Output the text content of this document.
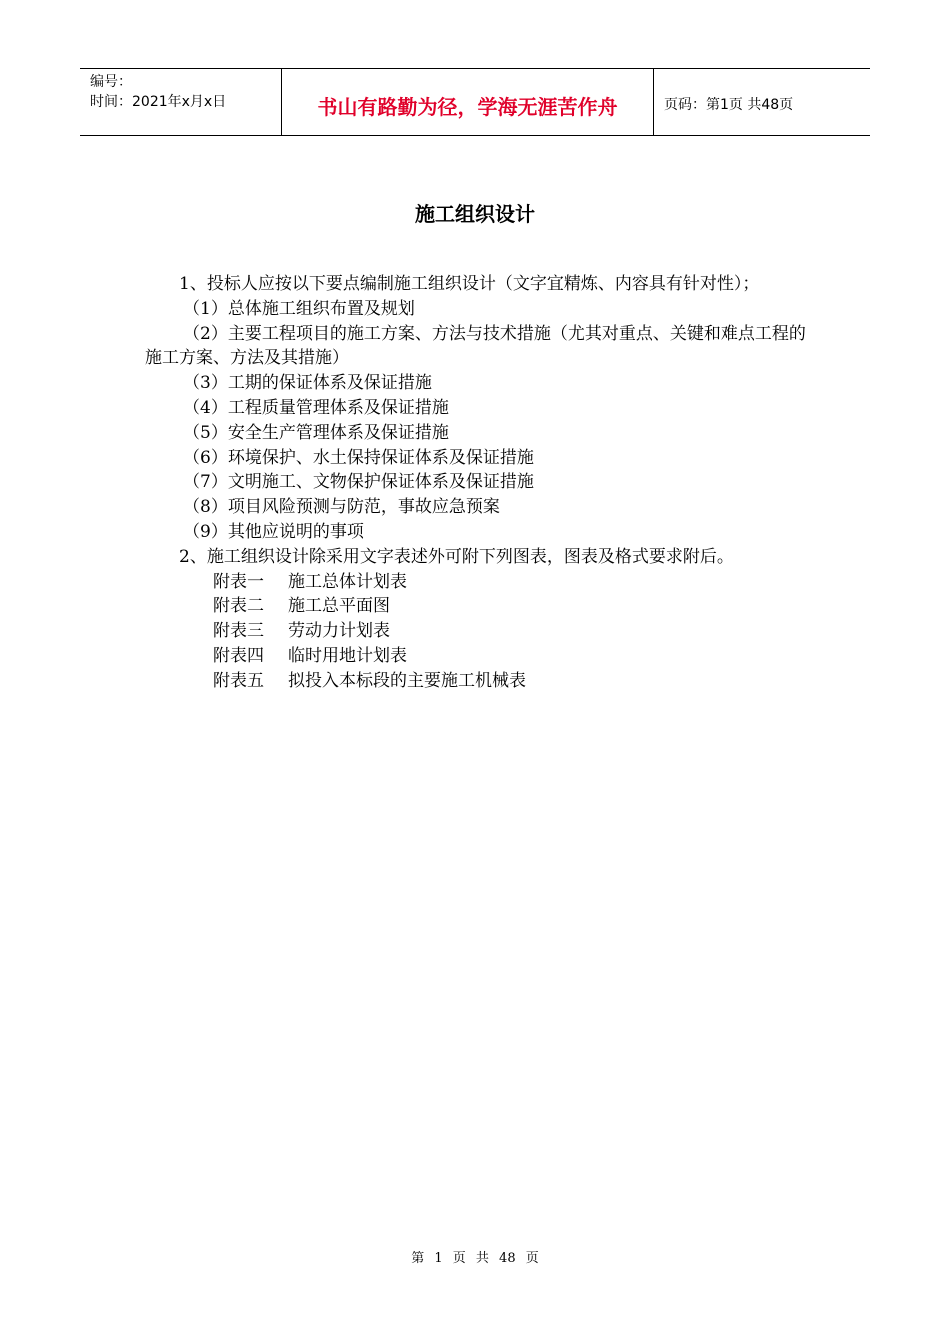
编号：
时间：2021年x月x日	书山有路勤为径，学海无涯苦作舟	页码：第1页 共48页
施工组织设计

1、投标人应按以下要点编制施工组织设计（文字宜精炼、内容具有针对性）；

（1）总体施工组织布置及规划

（2）主要工程项目的施工方案、方法与技术措施（尤其对重点、关键和难点工程的施工方案、方法及其措施）

（3）工期的保证体系及保证措施

（4）工程质量管理体系及保证措施

（5）安全生产管理体系及保证措施

（6）环境保护、水土保持保证体系及保证措施

（7）文明施工、文物保护保证体系及保证措施

（8）项目风险预测与防范，事故应急预案

（9）其他应说明的事项

2、施工组织设计除采用文字表述外可附下列图表，图表及格式要求附后。

附表一 施工总体计划表

附表二 施工总平面图

附表三 劳动力计划表

附表四 临时用地计划表

附表五 拟投入本标段的主要施工机械表

第 1 页 共 48 页
